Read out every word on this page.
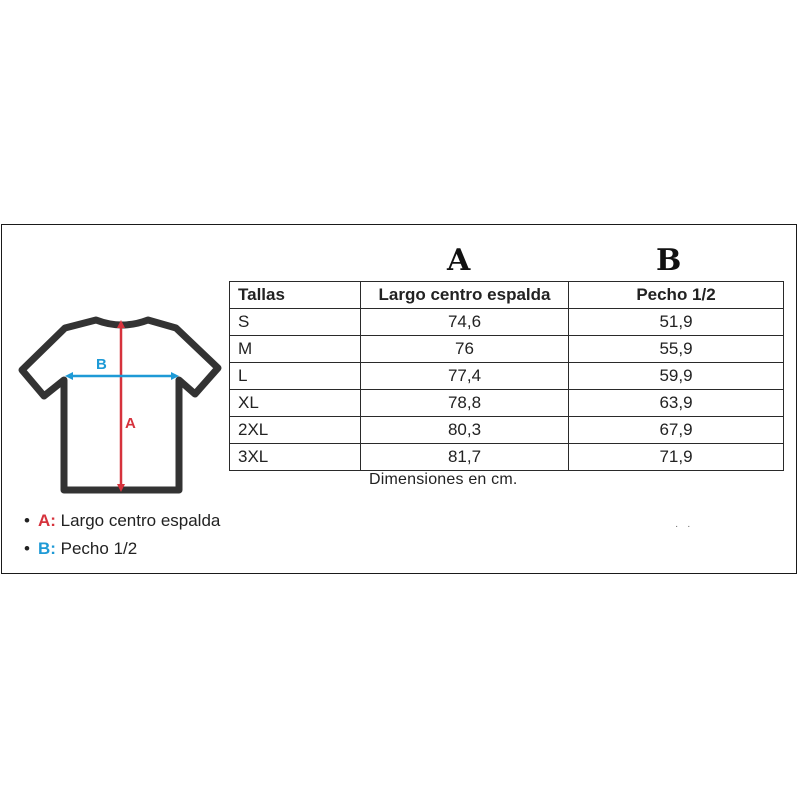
A	B
Tallas	Largo centro espalda	Pecho 1/2
S	74,6	51,9
M	76	55,9
L	77,4	59,9
XL	78,8	63,9
2XL	80,3	67,9
3XL	81,7	71,9
Dimensiones en cm.
B
A
• A: Largo centro espalda
• B: Pecho 1/2
· ·
